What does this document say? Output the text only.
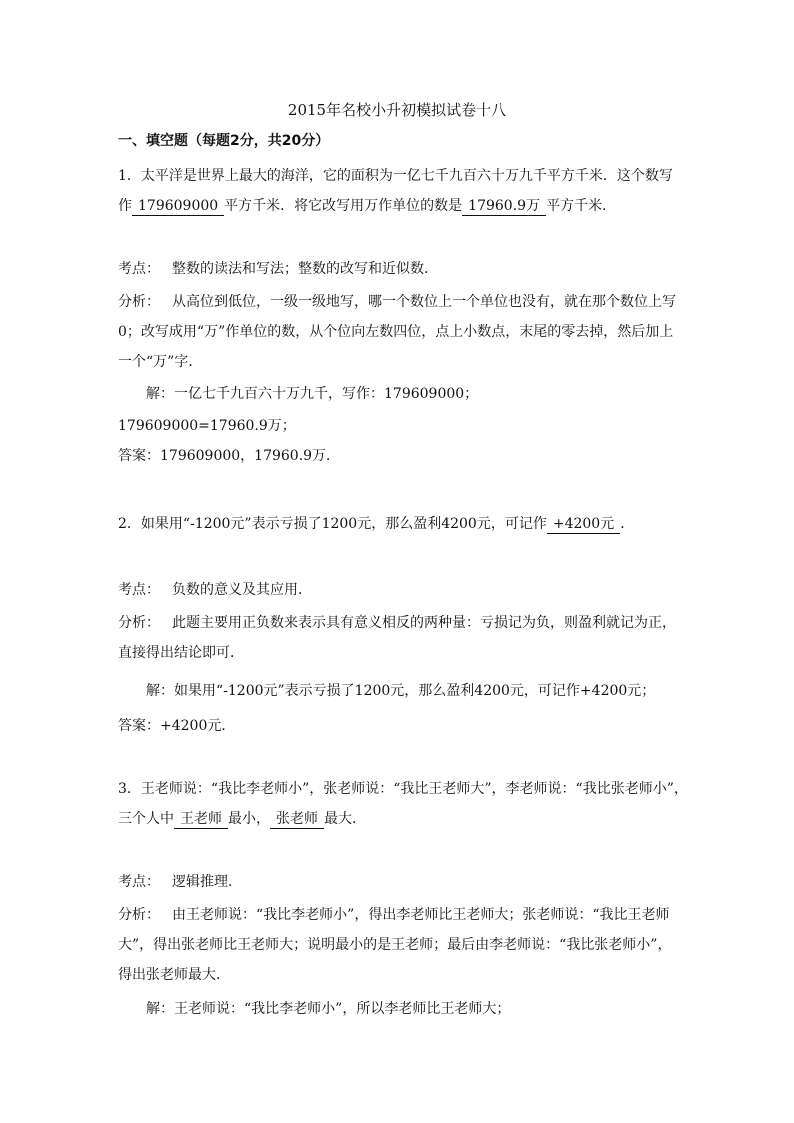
2015年名校小升初模拟试卷十八
一、填空题（每题2分，共20分）
1．太平洋是世界上最大的海洋，它的面积为一亿七千九百六十万九千平方千米．这个数写
作 179609000 平方千米．将它改写用万作单位的数是 17960.9万 平方千米．
考点： 整数的读法和写法；整数的改写和近似数．
分析： 从高位到低位，一级一级地写，哪一个数位上一个单位也没有，就在那个数位上写
0；改写成用“万”作单位的数，从个位向左数四位，点上小数点，末尾的零去掉，然后加上
一个“万”字．
解：一亿七千九百六十万九千，写作：179609000；
179609000=17960.9万；
答案：179609000，17960.9万．
2．如果用“-1200元”表示亏损了1200元，那么盈利4200元，可记作 +4200元 ．
考点： 负数的意义及其应用．
分析： 此题主要用正负数来表示具有意义相反的两种量：亏损记为负，则盈利就记为正，
直接得出结论即可．
解：如果用“-1200元”表示亏损了1200元，那么盈利4200元，可记作+4200元；
答案：+4200元．
3．王老师说：“我比李老师小”，张老师说：“我比王老师大”，李老师说：“我比张老师小”，
三个人中 王老师 最小， 张老师 最大．
考点： 逻辑推理．
分析： 由王老师说：“我比李老师小”，得出李老师比王老师大；张老师说：“我比王老师
大”，得出张老师比王老师大；说明最小的是王老师；最后由李老师说：“我比张老师小”，
得出张老师最大．
解：王老师说：“我比李老师小”，所以李老师比王老师大；
